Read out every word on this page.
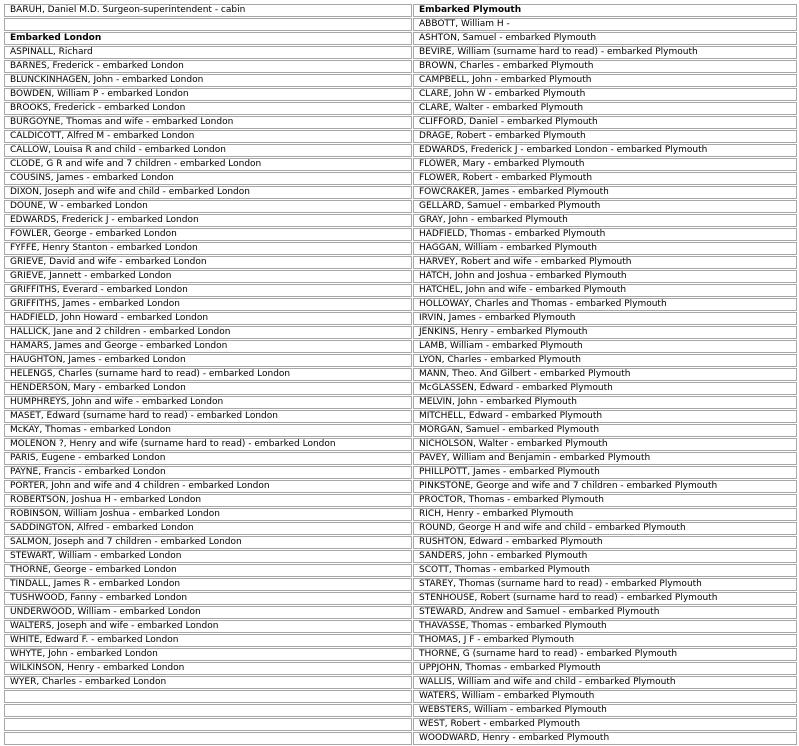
BARUH, Daniel M.D. Surgeon-superintendent - cabin	Embarked Plymouth
	ABBOTT, William H -
Embarked London	ASHTON, Samuel - embarked Plymouth
ASPINALL, Richard	BEVIRE, William (surname hard to read) - embarked Plymouth
BARNES, Frederick - embarked London	BROWN, Charles - embarked Plymouth
BLUNCKINHAGEN, John - embarked London	CAMPBELL, John - embarked Plymouth
BOWDEN, William P - embarked London	CLARE, John W - embarked Plymouth
BROOKS, Frederick - embarked London	CLARE, Walter - embarked Plymouth
BURGOYNE, Thomas and wife - embarked London	CLIFFORD, Daniel - embarked Plymouth
CALDICOTT, Alfred M - embarked London	DRAGE, Robert - embarked Plymouth
CALLOW, Louisa R and child - embarked London	EDWARDS, Frederick J - embarked London - embarked Plymouth
CLODE, G R and wife and 7 children - embarked London	FLOWER, Mary - embarked Plymouth
COUSINS, James - embarked London	FLOWER, Robert - embarked Plymouth
DIXON, Joseph and wife and child - embarked London	FOWCRAKER, James - embarked Plymouth
DOUNE, W - embarked London	GELLARD, Samuel - embarked Plymouth
EDWARDS, Frederick J - embarked London	GRAY, John - embarked Plymouth
FOWLER, George - embarked London	HADFIELD, Thomas - embarked Plymouth
FYFFE, Henry Stanton - embarked London	HAGGAN, William - embarked Plymouth
GRIEVE, David and wife - embarked London	HARVEY, Robert and wife - embarked Plymouth
GRIEVE, Jannett - embarked London	HATCH, John and Joshua - embarked Plymouth
GRIFFITHS, Everard - embarked London	HATCHEL, John and wife - embarked Plymouth
GRIFFITHS, James - embarked London	HOLLOWAY, Charles and Thomas - embarked Plymouth
HADFIELD, John Howard - embarked London	IRVIN, James - embarked Plymouth
HALLICK, Jane and 2 children - embarked London	JENKINS, Henry - embarked Plymouth
HAMARS, James and George - embarked London	LAMB, William - embarked Plymouth
HAUGHTON, James - embarked London	LYON, Charles - embarked Plymouth
HELENGS, Charles (surname hard to read) - embarked London	MANN, Theo. And Gilbert - embarked Plymouth
HENDERSON, Mary - embarked London	McGLASSEN, Edward - embarked Plymouth
HUMPHREYS, John and wife - embarked London	MELVIN, John - embarked Plymouth
MASET, Edward (surname hard to read) - embarked London	MITCHELL, Edward - embarked Plymouth
McKAY, Thomas - embarked London	MORGAN, Samuel - embarked Plymouth
MOLENON ?, Henry and wife (surname hard to read) - embarked London	NICHOLSON, Walter - embarked Plymouth
PARIS, Eugene - embarked London	PAVEY, William and Benjamin - embarked Plymouth
PAYNE, Francis - embarked London	PHILLPOTT, James - embarked Plymouth
PORTER, John and wife and 4 children - embarked London	PINKSTONE, George and wife and 7 children - embarked Plymouth
ROBERTSON, Joshua H - embarked London	PROCTOR, Thomas - embarked Plymouth
ROBINSON, William Joshua - embarked London	RICH, Henry - embarked Plymouth
SADDINGTON, Alfred - embarked London	ROUND, George H and wife and child - embarked Plymouth
SALMON, Joseph and 7 children - embarked London	RUSHTON, Edward - embarked Plymouth
STEWART, William - embarked London	SANDERS, John - embarked Plymouth
THORNE, George - embarked London	SCOTT, Thomas - embarked Plymouth
TINDALL, James R - embarked London	STAREY, Thomas (surname hard to read) - embarked Plymouth
TUSHWOOD, Fanny - embarked London	STENHOUSE, Robert (surname hard to read) - embarked Plymouth
UNDERWOOD, William - embarked London	STEWARD, Andrew and Samuel - embarked Plymouth
WALTERS, Joseph and wife - embarked London	THAVASSE, Thomas - embarked Plymouth
WHITE, Edward F. - embarked London	THOMAS, J F - embarked Plymouth
WHYTE, John - embarked London	THORNE, G (surname hard to read) - embarked Plymouth
WILKINSON, Henry - embarked London	UPPJOHN, Thomas - embarked Plymouth
WYER, Charles - embarked London	WALLIS, William and wife and child - embarked Plymouth
	WATERS, William - embarked Plymouth
	WEBSTERS, William - embarked Plymouth
	WEST, Robert - embarked Plymouth
	WOODWARD, Henry - embarked Plymouth
